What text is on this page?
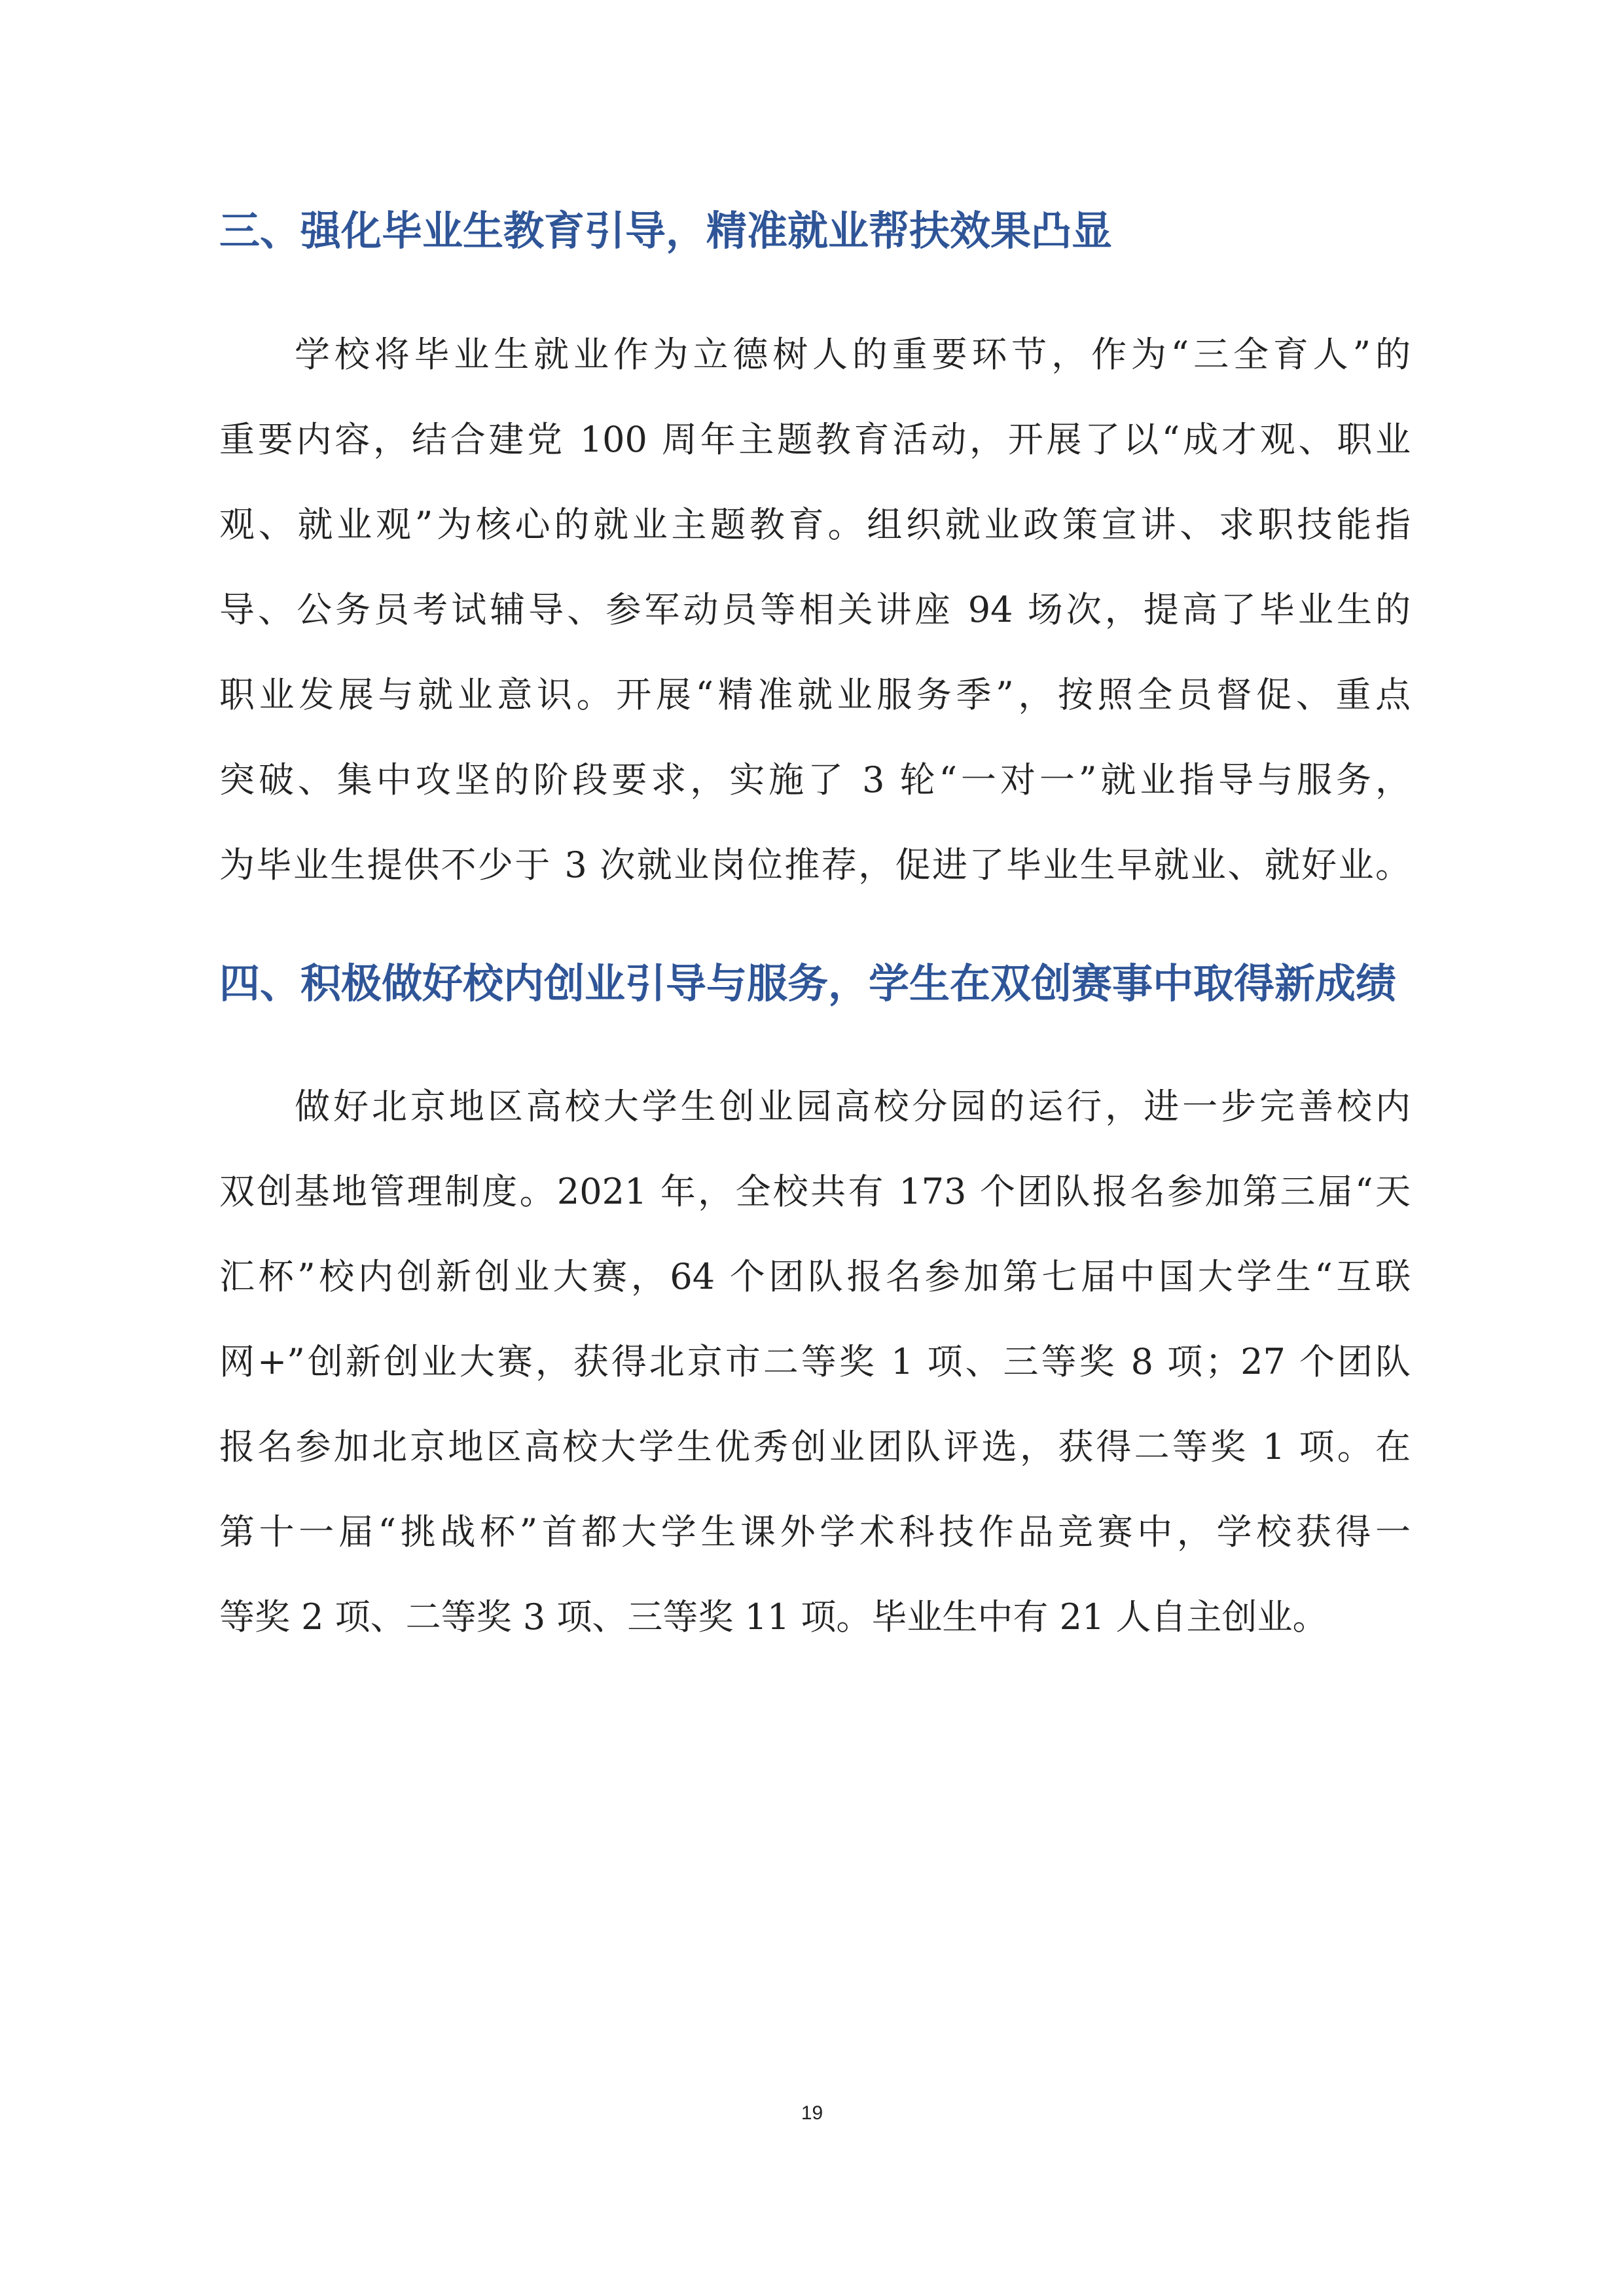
三、强化毕业生教育引导，精准就业帮扶效果凸显
学校将毕业生就业作为立德树人的重要环节，作为“三全育人”的
重要内容，结合建党 100 周年主题教育活动，开展了以“成才观、职业
观、就业观”为核心的就业主题教育。组织就业政策宣讲、求职技能指
导、公务员考试辅导、参军动员等相关讲座 94 场次，提高了毕业生的
职业发展与就业意识。开展“精准就业服务季”，按照全员督促、重点
突破、集中攻坚的阶段要求，实施了 3 轮“一对一”就业指导与服务，
为毕业生提供不少于 3 次就业岗位推荐，促进了毕业生早就业、就好业。
四、积极做好校内创业引导与服务，学生在双创赛事中取得新成绩
做好北京地区高校大学生创业园高校分园的运行，进一步完善校内
双创基地管理制度。2021 年，全校共有 173 个团队报名参加第三届“天
汇杯”校内创新创业大赛，64 个团队报名参加第七届中国大学生“互联
网+”创新创业大赛，获得北京市二等奖 1 项、三等奖 8 项；27 个团队
报名参加北京地区高校大学生优秀创业团队评选，获得二等奖 1 项。在
第十一届“挑战杯”首都大学生课外学术科技作品竞赛中，学校获得一
等奖 2 项、二等奖 3 项、三等奖 11 项。毕业生中有 21 人自主创业。
19
